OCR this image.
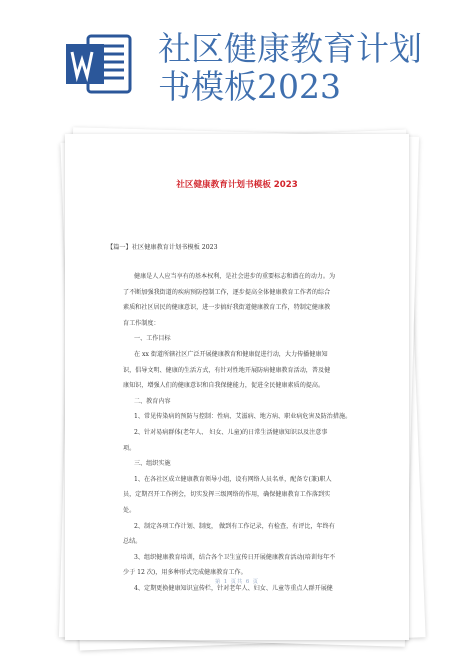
社区健康教育计划
书模板2023
社区健康教育计划书模板 2023
【篇一】社区健康教育计划书模板 2023
健康是人人应当享有的基本权利，是社会进步的重要标志和潜在的动力。为
了不断加强我街道的疾病预防控制工作，逐步提高全体健康教育工作者的综合
素质和社区居民的健康意识，进一步搞好我街道健康教育工作，特制定健康教
育工作制度：
一、工作目标
在 xx 街道所辖社区广泛开展健康教育和健康促进行动，大力传播健康知
识，倡导文明、健康的生活方式，有针对性地开展防病健康教育活动，普及健
康知识，增强人们的健康意识和自我保健能力，促进全民健康素质的提高。
二、教育内容
1、常见传染病的预防与控制：性病、艾滋病、地方病、职业病危害及防治措施。
2、针对易病群体(老年人、 妇女、儿童)的日常生活健康知识以及注意事
项。
三、组织实施
1、在各社区成立健康教育领导小组，设有网络人员名单，配备专(兼)职人
员，定期召开工作例会，切实发挥三级网络的作用，确保健康教育工作落到实
处。
2、制定各项工作计划、制度， 做到有工作记录，有检查，有评比，年终有
总结。
3、组织健康教育培训，结合各个卫生宣传日开展健康教育活动(培训每年不
少于 12 次)，用多种形式完成健康教育工作。
4、定期更换健康知识宣传栏，针对老年人、妇女、儿童等重点人群开展健
第 1 页共 6 页
